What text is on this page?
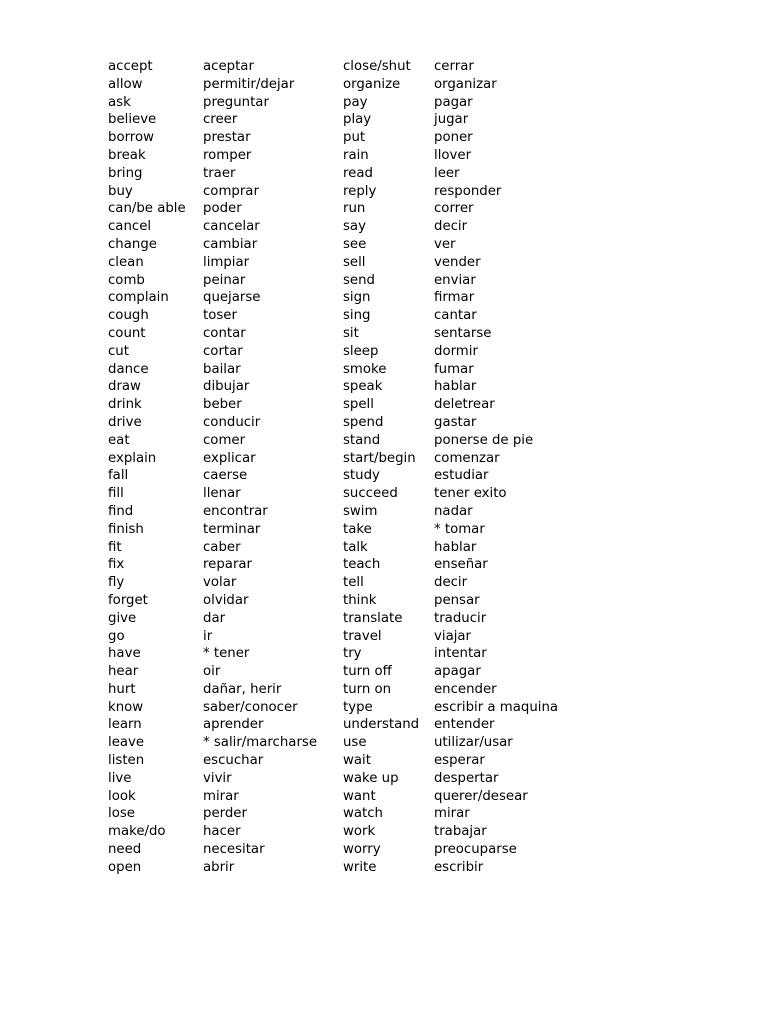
accept	aceptar
allow	permitir/dejar
ask	preguntar
believe	creer
borrow	prestar
break	romper
bring	traer
buy	comprar
can/be able poder
cancel	cancelar
change	cambiar
clean	limpiar
comb	peinar
complain	quejarse
cough	toser
count	contar
cut	cortar
dance	bailar
draw	dibujar
drink	beber
drive	conducir
eat	comer
explain	explicar
fall	caerse
fill	llenar
find	encontrar
finish	terminar
fit	caber
fix	reparar
fly	volar
forget	olvidar
give	dar
go	ir
have	* tener
hear	oir
hurt	dañar, herir
know	saber/conocer
learn	aprender
leave	* salir/marcharse
listen	escuchar
live	vivir
look	mirar
lose	perder
make/do	hacer
need	necesitar
open	abrir
close/shut cerrar
organize	organizar
pay	pagar
play	jugar
put	poner
rain	llover
read	leer
reply	responder
run	correr
say	decir
see	ver
sell	vender
send	enviar
sign	firmar
sing	cantar
sit	sentarse
sleep	dormir
smoke	fumar
speak	hablar
spell	deletrear
spend	gastar
stand	ponerse de pie
start/begin comenzar
study	estudiar
succeed	tener exito
swim	nadar
take	* tomar
talk	hablar
teach	enseñar
tell	decir
think	pensar
translate traducir
travel	viajar
try	intentar
turn off	apagar
turn on	encender
type	escribir a maquina
understand entender
use	utilizar/usar
wait	esperar
wake up	despertar
want	querer/desear
watch	mirar
work	trabajar
worry	preocuparse
write	escribir
